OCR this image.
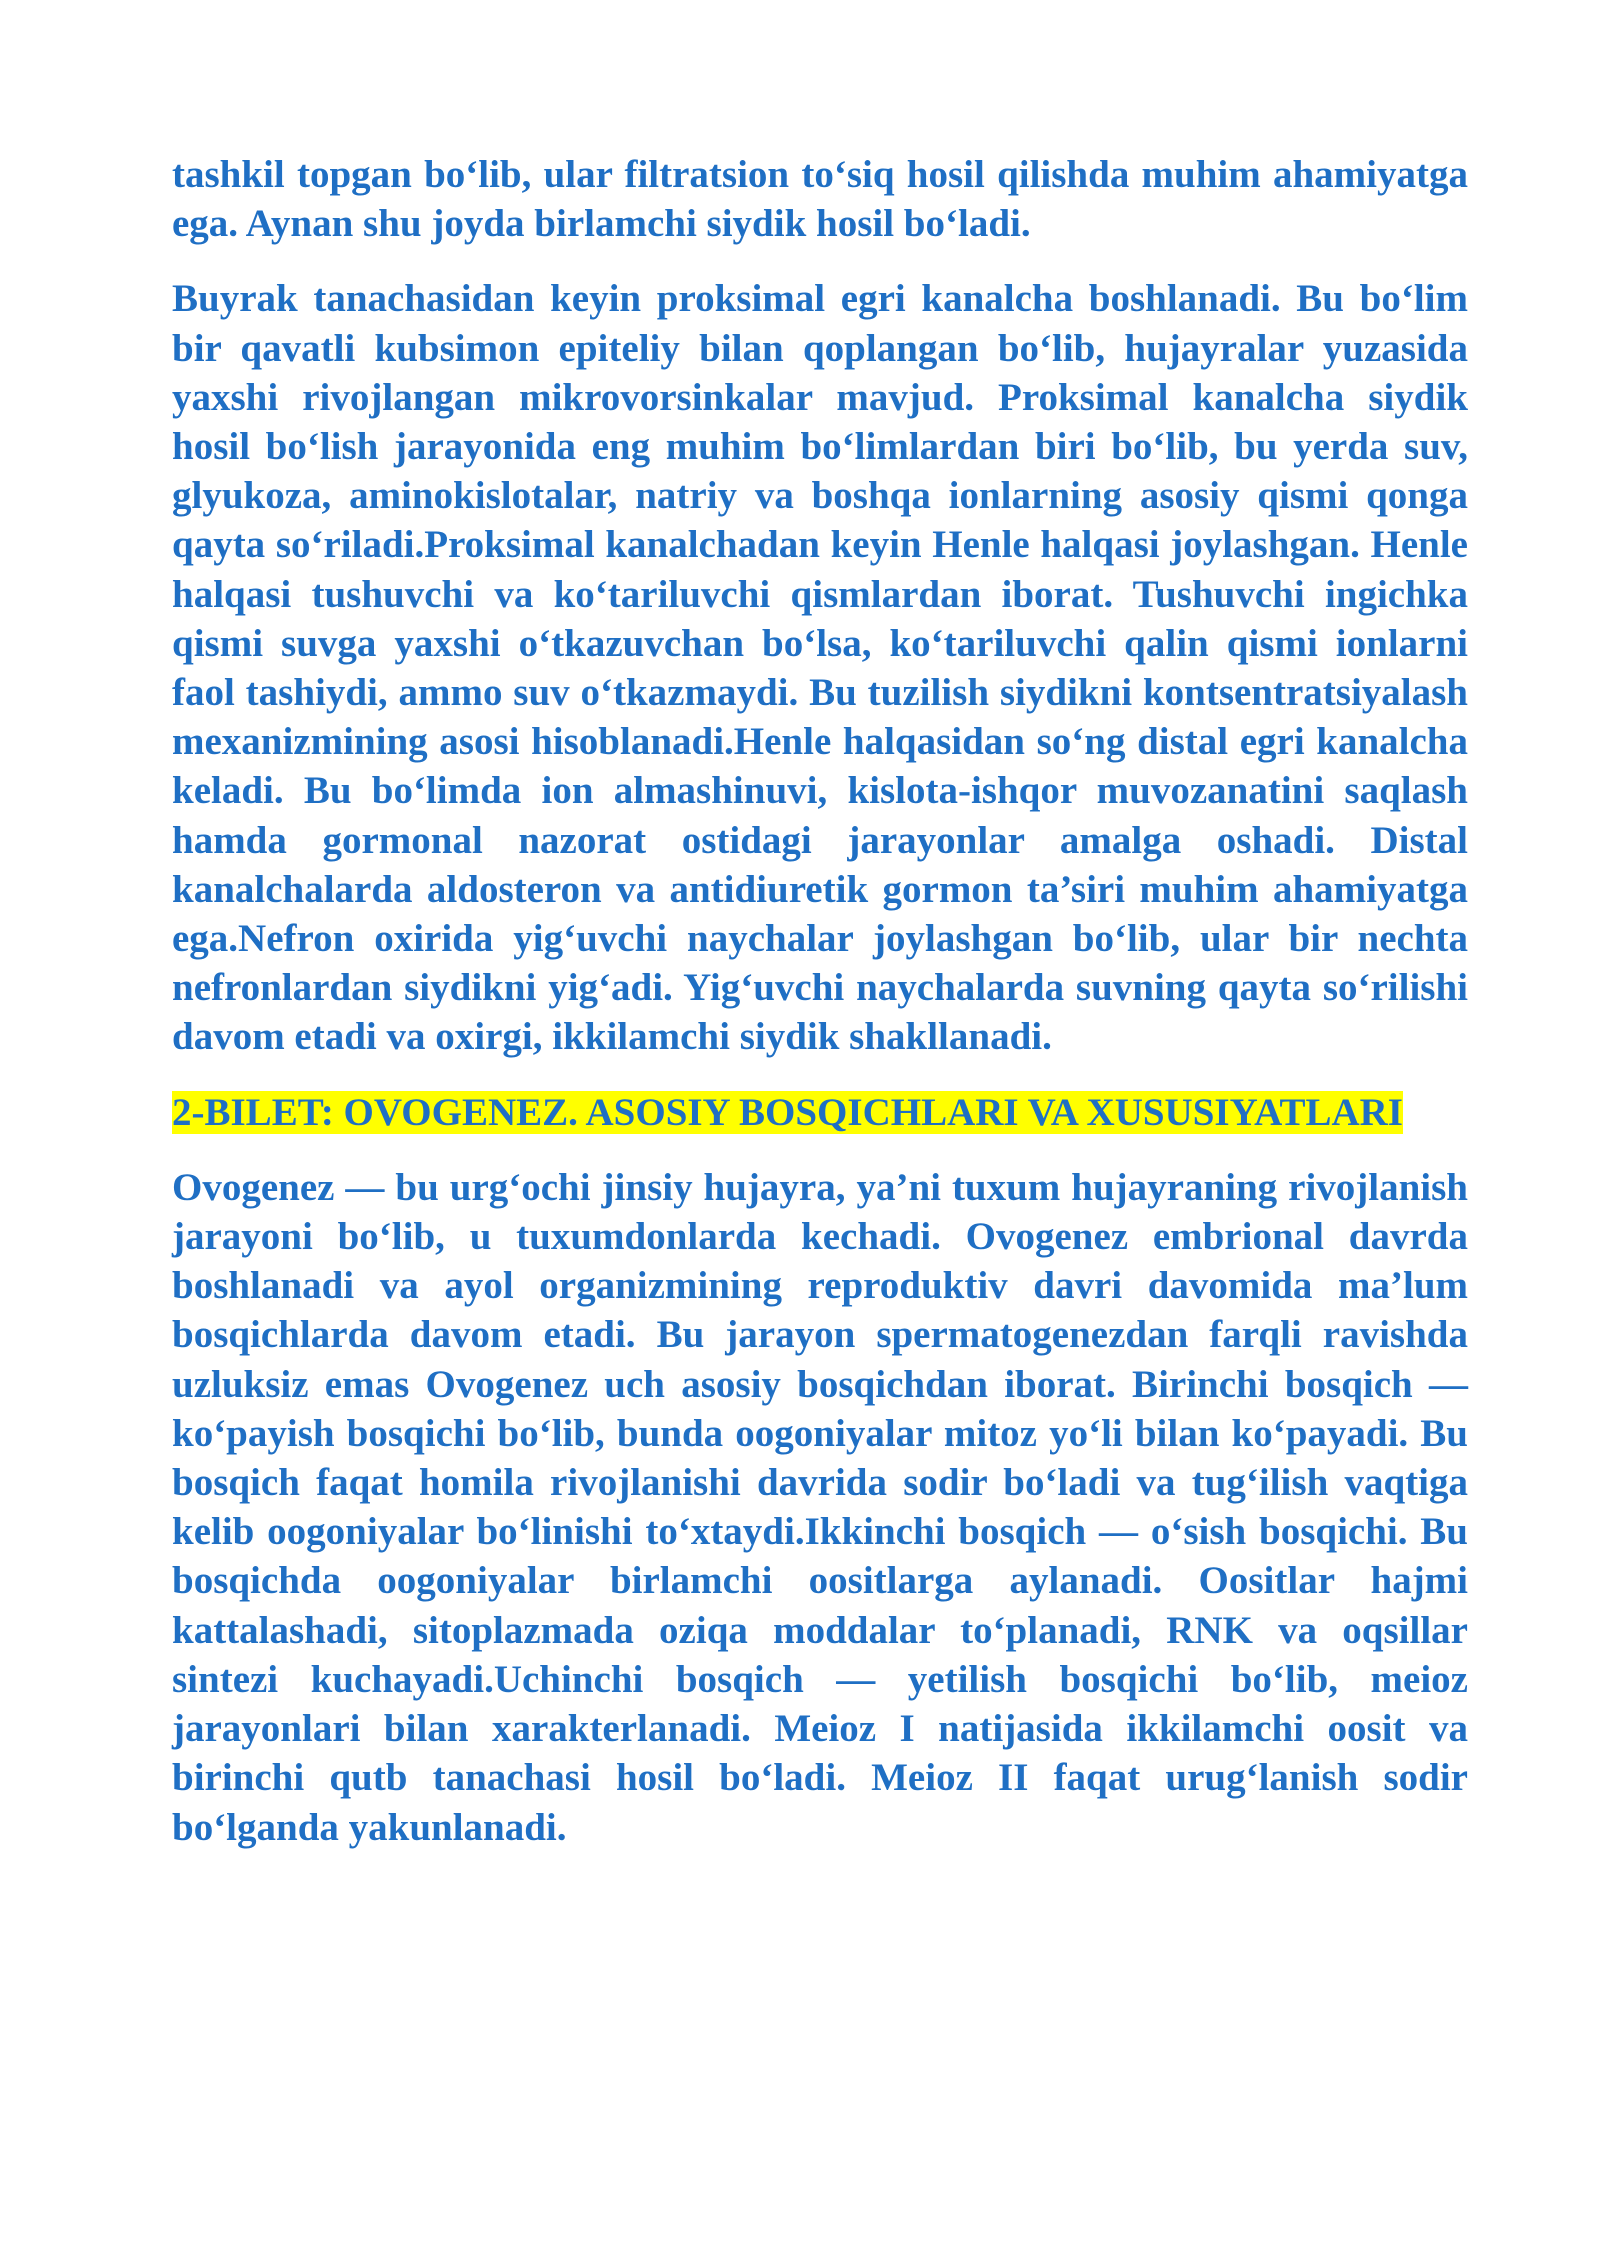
tashkil topgan bo‘lib, ular filtratsion to‘siq hosil qilishda muhim ahamiyatga ega. Aynan shu joyda birlamchi siydik hosil bo‘ladi.

Buyrak tanachasidan keyin proksimal egri kanalcha boshlanadi. Bu bo‘lim bir qavatli kubsimon epiteliy bilan qoplangan bo‘lib, hujayralar yuzasida yaxshi rivojlangan mikrovorsinkalar mavjud. Proksimal kanalcha siydik hosil bo‘lish jarayonida eng muhim bo‘limlardan biri bo‘lib, bu yerda suv, glyukoza, aminokislotalar, natriy va boshqa ionlarning asosiy qismi qonga qayta so‘riladi.Proksimal kanalchadan keyin Henle halqasi joylashgan. Henle halqasi tushuvchi va ko‘tariluvchi qismlardan iborat. Tushuvchi ingichka qismi suvga yaxshi o‘tkazuvchan bo‘lsa, ko‘tariluvchi qalin qismi ionlarni faol tashiydi, ammo suv o‘tkazmaydi. Bu tuzilish siydikni kontsentratsiyalash mexanizmining asosi hisoblanadi.Henle halqasidan so‘ng distal egri kanalcha keladi. Bu bo‘limda ion almashinuvi, kislota-ishqor muvozanatini saqlash hamda gormonal nazorat ostidagi jarayonlar amalga oshadi. Distal kanalchalarda aldosteron va antidiuretik gormon ta’siri muhim ahamiyatga ega.Nefron oxirida yig‘uvchi naychalar joylashgan bo‘lib, ular bir nechta nefronlardan siydikni yig‘adi. Yig‘uvchi naychalarda suvning qayta so‘rilishi davom etadi va oxirgi, ikkilamchi siydik shakllanadi.

2-BILET: OVOGENEZ. ASOSIY BOSQICHLARI VA XUSUSIYATLARI

Ovogenez — bu urg‘ochi jinsiy hujayra, ya’ni tuxum hujayraning rivojlanish jarayoni bo‘lib, u tuxumdonlarda kechadi. Ovogenez embrional davrda boshlanadi va ayol organizmining reproduktiv davri davomida ma’lum bosqichlarda davom etadi. Bu jarayon spermatogenezdan farqli ravishda uzluksiz emas Ovogenez uch asosiy bosqichdan iborat. Birinchi bosqich — ko‘payish bosqichi bo‘lib, bunda oogoniyalar mitoz yo‘li bilan ko‘payadi. Bu bosqich faqat homila rivojlanishi davrida sodir bo‘ladi va tug‘ilish vaqtiga kelib oogoniyalar bo‘linishi to‘xtaydi.Ikkinchi bosqich — o‘sish bosqichi. Bu bosqichda oogoniyalar birlamchi oositlarga aylanadi. Oositlar hajmi kattalashadi, sitoplazmada oziqa moddalar to‘planadi, RNK va oqsillar sintezi kuchayadi.Uchinchi bosqich — yetilish bosqichi bo‘lib, meioz jarayonlari bilan xarakterlanadi. Meioz I natijasida ikkilamchi oosit va birinchi qutb tanachasi hosil bo‘ladi. Meioz II faqat urug‘lanish sodir bo‘lganda yakunlanadi.
